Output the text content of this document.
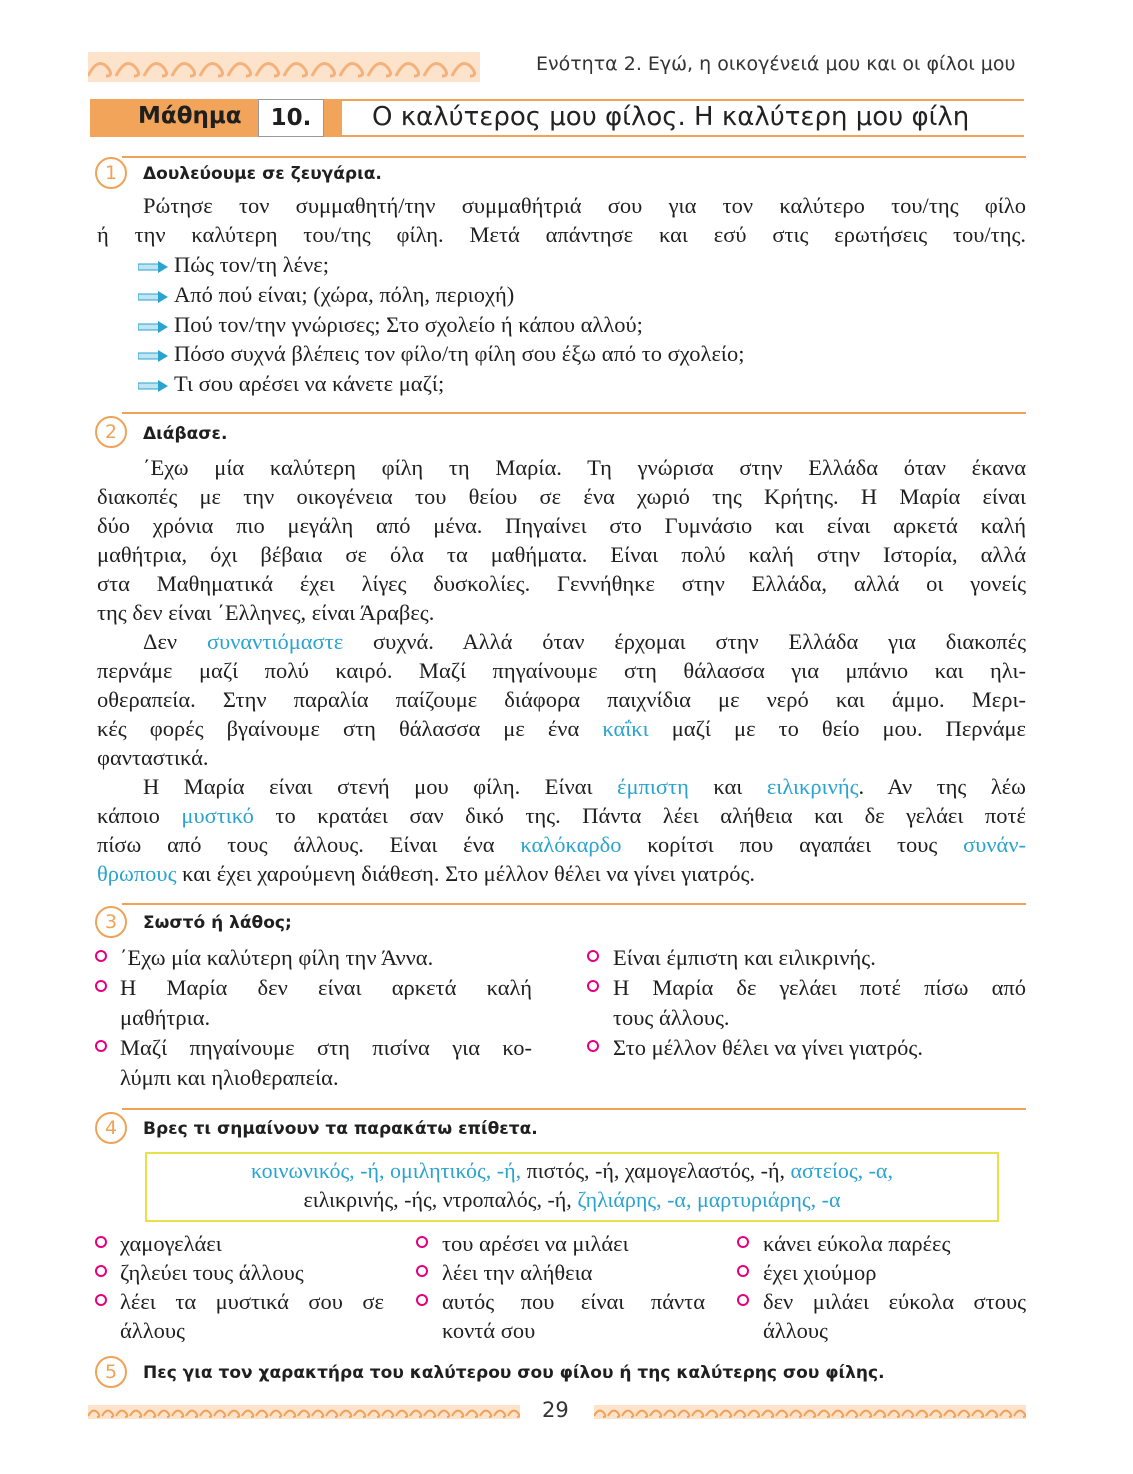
Ενότητα 2. Εγώ, η οικογένειά μου και οι φίλοι μου
Μάθημα	10.	Ο καλύτερος μου φίλος. Η καλύτερη μου φίλη
1	Δουλεύουμε σε ζευγάρια.
Ρώτησε τον συμμαθητή/την συμμαθήτριά σου για τον καλύτερο του/της φίλο
ή την καλύτερη του/της φίλη. Μετά απάντησε και εσύ στις ερωτήσεις του/της.
Πώς τον/τη λένε;
Από πού είναι; (χώρα, πόλη, περιοχή)
Πού τον/την γνώρισες; Στο σχολείο ή κάπου αλλού;
Πόσο συχνά βλέπεις τον φίλο/τη φίλη σου έξω από το σχολείο;
Τι σου αρέσει να κάνετε μαζί;
2	Διάβασε.
΄Εχω μία καλύτερη φίλη τη Μαρία. Τη γνώρισα στην Ελλάδα όταν έκανα
διακοπές με την οικογένεια του θείου σε ένα χωριό της Κρήτης. Η Μαρία είναι
δύο χρόνια πιο μεγάλη από μένα. Πηγαίνει στο Γυμνάσιο και είναι αρκετά καλή
μαθήτρια, όχι βέβαια σε όλα τα μαθήματα. Είναι πολύ καλή στην Ιστορία, αλλά
στα Μαθηματικά έχει λίγες δυσκολίες. Γεννήθηκε στην Ελλάδα, αλλά οι γονείς
της δεν είναι ΄Ελληνες, είναι Άραβες.
Δεν συναντιόμαστε συχνά. Αλλά όταν έρχομαι στην Ελλάδα για διακοπές
περνάμε μαζί πολύ καιρό. Μαζί πηγαίνουμε στη θάλασσα για μπάνιο και ηλι-
οθεραπεία. Στην παραλία παίζουμε διάφορα παιχνίδια με νερό και άμμο. Μερι-
κές φορές βγαίνουμε στη θάλασσα με ένα καΐκι μαζί με το θείο μου. Περνάμε
φανταστικά.
Η Μαρία είναι στενή μου φίλη. Είναι έμπιστη και ειλικρινής. Αν της λέω
κάποιο μυστικό το κρατάει σαν δικό της. Πάντα λέει αλήθεια και δε γελάει ποτέ
πίσω από τους άλλους. Είναι ένα καλόκαρδο κορίτσι που αγαπάει τους συνάν-
θρωπους και έχει χαρούμενη διάθεση. Στο μέλλον θέλει να γίνει γιατρός.
3	Σωστό ή λάθος;
΄Εχω μία καλύτερη φίλη την Άννα.
Η Μαρία δεν είναι αρκετά καλή
μαθήτρια.
Μαζί πηγαίνουμε στη πισίνα για κο-
λύμπι και ηλιοθεραπεία.
Είναι έμπιστη και ειλικρινής.
Η Μαρία δε γελάει ποτέ πίσω από
τους άλλους.
Στο μέλλον θέλει να γίνει γιατρός.
4	Βρες τι σημαίνουν τα παρακάτω επίθετα.
κοινωνικός, -ή, ομιλητικός, -ή, πιστός, -ή, χαμογελαστός, -ή, αστείος, -α,
ειλικρινής, -ής, ντροπαλός, -ή, ζηλιάρης, -α, μαρτυριάρης, -α
χαμογελάει
ζηλεύει τους άλλους
λέει τα μυστικά σου σε
άλλους
του αρέσει να μιλάει
λέει την αλήθεια
αυτός που είναι πάντα
κοντά σου
κάνει εύκολα παρέες
έχει χιούμορ
δεν μιλάει εύκολα στους
άλλους
5	Πες για τον χαρακτήρα του καλύτερου σου φίλου ή της καλύτερης σου φίλης.
29
